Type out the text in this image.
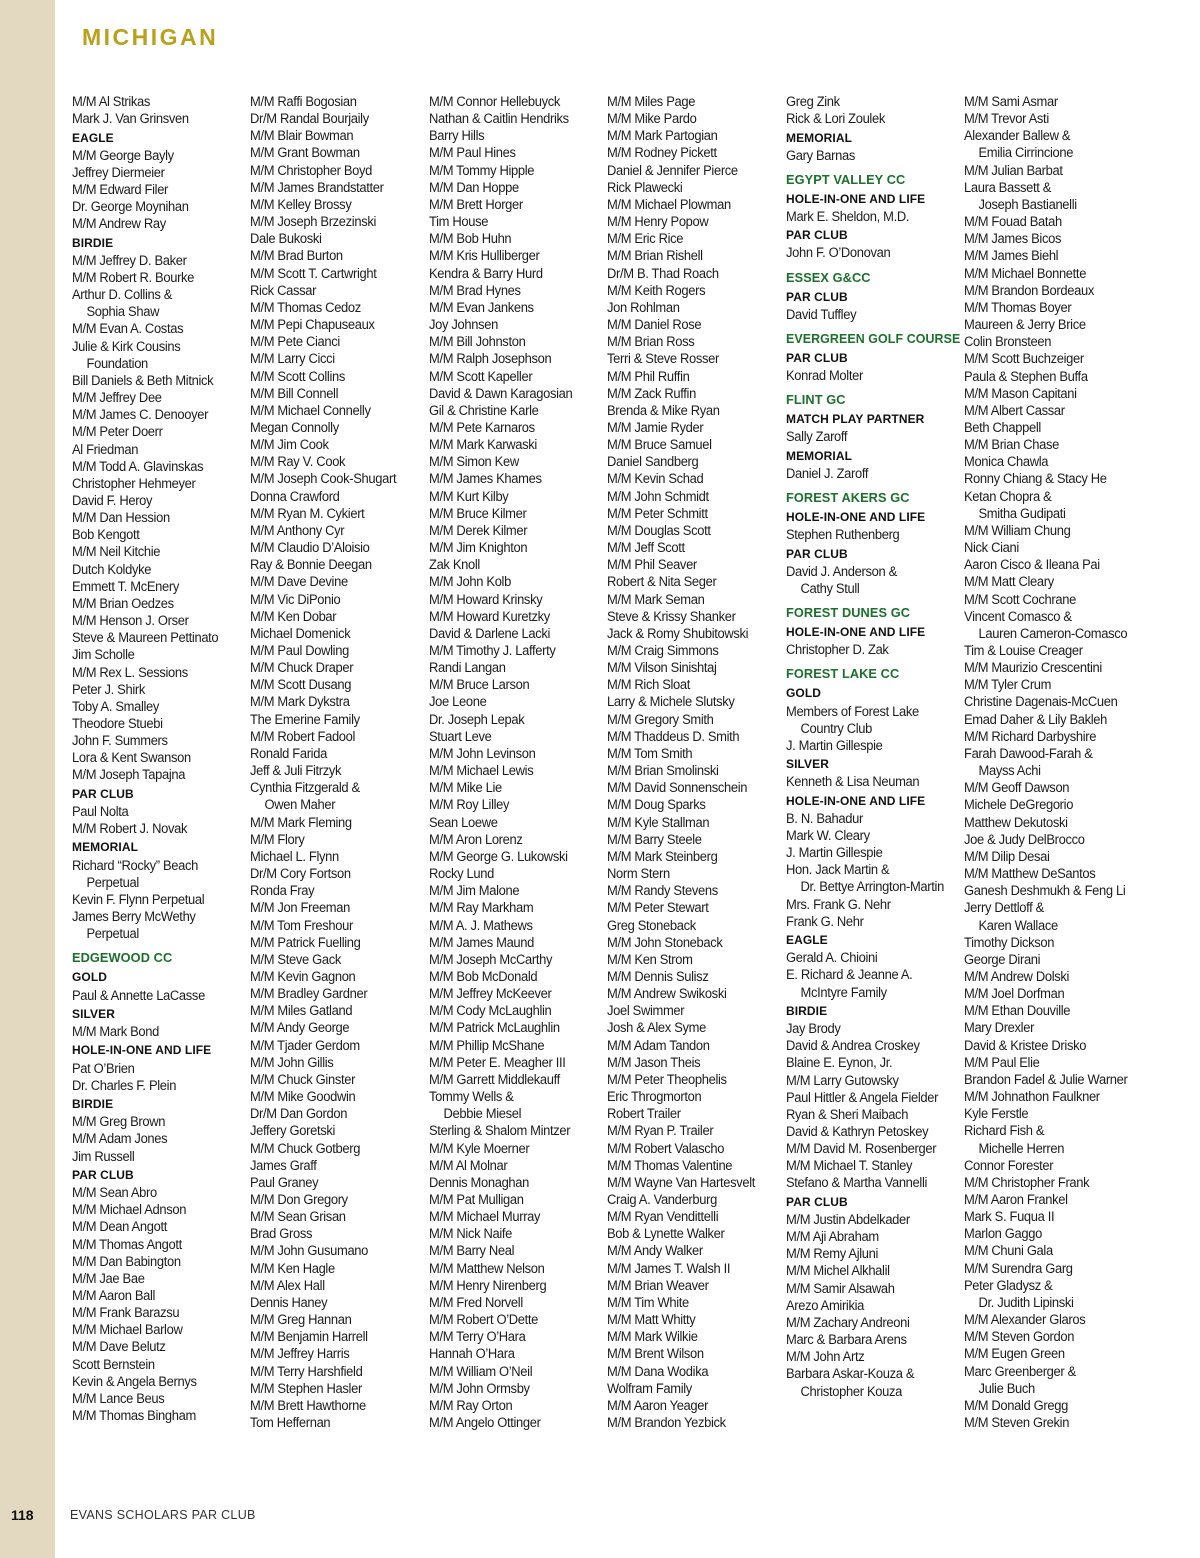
MICHIGAN
M/M Al Strikas
Mark J. Van Grinsven
EAGLE
M/M George Bayly
Jeffrey Diermeier
M/M Edward Filer
Dr. George Moynihan
M/M Andrew Ray
BIRDIE
M/M Jeffrey D. Baker
M/M Robert R. Bourke
Arthur D. Collins &
Sophia Shaw
M/M Evan A. Costas
Julie & Kirk Cousins
Foundation
Bill Daniels & Beth Mitnick
M/M Jeffrey Dee
M/M James C. Denooyer
M/M Peter Doerr
Al Friedman
M/M Todd A. Glavinskas
Christopher Hehmeyer
David F. Heroy
M/M Dan Hession
Bob Kengott
M/M Neil Kitchie
Dutch Koldyke
Emmett T. McEnery
M/M Brian Oedzes
M/M Henson J. Orser
Steve & Maureen Pettinato
Jim Scholle
M/M Rex L. Sessions
Peter J. Shirk
Toby A. Smalley
Theodore Stuebi
John F. Summers
Lora & Kent Swanson
M/M Joseph Tapajna
PAR CLUB
Paul Nolta
M/M Robert J. Novak
MEMORIAL
Richard “Rocky” Beach
Perpetual
Kevin F. Flynn Perpetual
James Berry McWethy
Perpetual
EDGEWOOD CC
GOLD
Paul & Annette LaCasse
SILVER
M/M Mark Bond
HOLE-IN-ONE AND LIFE
Pat O’Brien
Dr. Charles F. Plein
BIRDIE
M/M Greg Brown
M/M Adam Jones
Jim Russell
PAR CLUB
M/M Sean Abro
M/M Michael Adnson
M/M Dean Angott
M/M Thomas Angott
M/M Dan Babington
M/M Jae Bae
M/M Aaron Ball
M/M Frank Barazsu
M/M Michael Barlow
M/M Dave Belutz
Scott Bernstein
Kevin & Angela Bernys
M/M Lance Beus
M/M Thomas Bingham
M/M Raffi Bogosian
Dr/M Randal Bourjaily
M/M Blair Bowman
M/M Grant Bowman
M/M Christopher Boyd
M/M James Brandstatter
M/M Kelley Brossy
M/M Joseph Brzezinski
Dale Bukoski
M/M Brad Burton
M/M Scott T. Cartwright
Rick Cassar
M/M Thomas Cedoz
M/M Pepi Chapuseaux
M/M Pete Cianci
M/M Larry Cicci
M/M Scott Collins
M/M Bill Connell
M/M Michael Connelly
Megan Connolly
M/M Jim Cook
M/M Ray V. Cook
M/M Joseph Cook-Shugart
Donna Crawford
M/M Ryan M. Cykiert
M/M Anthony Cyr
M/M Claudio D’Aloisio
Ray & Bonnie Deegan
M/M Dave Devine
M/M Vic DiPonio
M/M Ken Dobar
Michael Domenick
M/M Paul Dowling
M/M Chuck Draper
M/M Scott Dusang
M/M Mark Dykstra
The Emerine Family
M/M Robert Fadool
Ronald Farida
Jeff & Juli Fitrzyk
Cynthia Fitzgerald &
Owen Maher
M/M Mark Fleming
M/M Flory
Michael L. Flynn
Dr/M Cory Fortson
Ronda Fray
M/M Jon Freeman
M/M Tom Freshour
M/M Patrick Fuelling
M/M Steve Gack
M/M Kevin Gagnon
M/M Bradley Gardner
M/M Miles Gatland
M/M Andy George
M/M Tjader Gerdom
M/M John Gillis
M/M Chuck Ginster
M/M Mike Goodwin
Dr/M Dan Gordon
Jeffery Goretski
M/M Chuck Gotberg
James Graff
Paul Graney
M/M Don Gregory
M/M Sean Grisan
Brad Gross
M/M John Gusumano
M/M Ken Hagle
M/M Alex Hall
Dennis Haney
M/M Greg Hannan
M/M Benjamin Harrell
M/M Jeffrey Harris
M/M Terry Harshfield
M/M Stephen Hasler
M/M Brett Hawthorne
Tom Heffernan
M/M Connor Hellebuyck
Nathan & Caitlin Hendriks
Barry Hills
M/M Paul Hines
M/M Tommy Hipple
M/M Dan Hoppe
M/M Brett Horger
Tim House
M/M Bob Huhn
M/M Kris Hulliberger
Kendra & Barry Hurd
M/M Brad Hynes
M/M Evan Jankens
Joy Johnsen
M/M Bill Johnston
M/M Ralph Josephson
M/M Scott Kapeller
David & Dawn Karagosian
Gil & Christine Karle
M/M Pete Karnaros
M/M Mark Karwaski
M/M Simon Kew
M/M James Khames
M/M Kurt Kilby
M/M Bruce Kilmer
M/M Derek Kilmer
M/M Jim Knighton
Zak Knoll
M/M John Kolb
M/M Howard Krinsky
M/M Howard Kuretzky
David & Darlene Lacki
M/M Timothy J. Lafferty
Randi Langan
M/M Bruce Larson
Joe Leone
Dr. Joseph Lepak
Stuart Leve
M/M John Levinson
M/M Michael Lewis
M/M Mike Lie
M/M Roy Lilley
Sean Loewe
M/M Aron Lorenz
M/M George G. Lukowski
Rocky Lund
M/M Jim Malone
M/M Ray Markham
M/M A. J. Mathews
M/M James Maund
M/M Joseph McCarthy
M/M Bob McDonald
M/M Jeffrey McKeever
M/M Cody McLaughlin
M/M Patrick McLaughlin
M/M Phillip McShane
M/M Peter E. Meagher III
M/M Garrett Middlekauff
Tommy Wells &
Debbie Miesel
Sterling & Shalom Mintzer
M/M Kyle Moerner
M/M Al Molnar
Dennis Monaghan
M/M Pat Mulligan
M/M Michael Murray
M/M Nick Naife
M/M Barry Neal
M/M Matthew Nelson
M/M Henry Nirenberg
M/M Fred Norvell
M/M Robert O’Dette
M/M Terry O’Hara
Hannah O’Hara
M/M William O’Neil
M/M John Ormsby
M/M Ray Orton
M/M Angelo Ottinger
M/M Miles Page
M/M Mike Pardo
M/M Mark Partogian
M/M Rodney Pickett
Daniel & Jennifer Pierce
Rick Plawecki
M/M Michael Plowman
M/M Henry Popow
M/M Eric Rice
M/M Brian Rishell
Dr/M B. Thad Roach
M/M Keith Rogers
Jon Rohlman
M/M Daniel Rose
M/M Brian Ross
Terri & Steve Rosser
M/M Phil Ruffin
M/M Zack Ruffin
Brenda & Mike Ryan
M/M Jamie Ryder
M/M Bruce Samuel
Daniel Sandberg
M/M Kevin Schad
M/M John Schmidt
M/M Peter Schmitt
M/M Douglas Scott
M/M Jeff Scott
M/M Phil Seaver
Robert & Nita Seger
M/M Mark Seman
Steve & Krissy Shanker
Jack & Romy Shubitowski
M/M Craig Simmons
M/M Vilson Sinishtaj
M/M Rich Sloat
Larry & Michele Slutsky
M/M Gregory Smith
M/M Thaddeus D. Smith
M/M Tom Smith
M/M Brian Smolinski
M/M David Sonnenschein
M/M Doug Sparks
M/M Kyle Stallman
M/M Barry Steele
M/M Mark Steinberg
Norm Stern
M/M Randy Stevens
M/M Peter Stewart
Greg Stoneback
M/M John Stoneback
M/M Ken Strom
M/M Dennis Sulisz
M/M Andrew Swikoski
Joel Swimmer
Josh & Alex Syme
M/M Adam Tandon
M/M Jason Theis
M/M Peter Theophelis
Eric Throgmorton
Robert Trailer
M/M Ryan P. Trailer
M/M Robert Valascho
M/M Thomas Valentine
M/M Wayne Van Hartesvelt
Craig A. Vanderburg
M/M Ryan Vendittelli
Bob & Lynette Walker
M/M Andy Walker
M/M James T. Walsh II
M/M Brian Weaver
M/M Tim White
M/M Matt Whitty
M/M Mark Wilkie
M/M Brent Wilson
M/M Dana Wodika
Wolfram Family
M/M Aaron Yeager
M/M Brandon Yezbick
Greg Zink
Rick & Lori Zoulek
MEMORIAL
Gary Barnas
EGYPT VALLEY CC
HOLE-IN-ONE AND LIFE
Mark E. Sheldon, M.D.
PAR CLUB
John F. O’Donovan
ESSEX G&CC
PAR CLUB
David Tuffley
EVERGREEN GOLF COURSE
PAR CLUB
Konrad Molter
FLINT GC
MATCH PLAY PARTNER
Sally Zaroff
MEMORIAL
Daniel J. Zaroff
FOREST AKERS GC
HOLE-IN-ONE AND LIFE
Stephen Ruthenberg
PAR CLUB
David J. Anderson &
Cathy Stull
FOREST DUNES GC
HOLE-IN-ONE AND LIFE
Christopher D. Zak
FOREST LAKE CC
GOLD
Members of Forest Lake
Country Club
J. Martin Gillespie
SILVER
Kenneth & Lisa Neuman
HOLE-IN-ONE AND LIFE
B. N. Bahadur
Mark W. Cleary
J. Martin Gillespie
Hon. Jack Martin &
Dr. Bettye Arrington-Martin
Mrs. Frank G. Nehr
Frank G. Nehr
EAGLE
Gerald A. Chioini
E. Richard & Jeanne A.
McIntyre Family
BIRDIE
Jay Brody
David & Andrea Croskey
Blaine E. Eynon, Jr.
M/M Larry Gutowsky
Paul Hittler & Angela Fielder
Ryan & Sheri Maibach
David & Kathryn Petoskey
M/M David M. Rosenberger
M/M Michael T. Stanley
Stefano & Martha Vannelli
PAR CLUB
M/M Justin Abdelkader
M/M Aji Abraham
M/M Remy Ajluni
M/M Michel Alkhalil
M/M Samir Alsawah
Arezo Amirikia
M/M Zachary Andreoni
Marc & Barbara Arens
M/M John Artz
Barbara Askar-Kouza &
Christopher Kouza
M/M Sami Asmar
M/M Trevor Asti
Alexander Ballew &
Emilia Cirrincione
M/M Julian Barbat
Laura Bassett &
Joseph Bastianelli
M/M Fouad Batah
M/M James Bicos
M/M James Biehl
M/M Michael Bonnette
M/M Brandon Bordeaux
M/M Thomas Boyer
Maureen & Jerry Brice
Colin Bronsteen
M/M Scott Buchzeiger
Paula & Stephen Buffa
M/M Mason Capitani
M/M Albert Cassar
Beth Chappell
M/M Brian Chase
Monica Chawla
Ronny Chiang & Stacy He
Ketan Chopra &
Smitha Gudipati
M/M William Chung
Nick Ciani
Aaron Cisco & Ileana Pai
M/M Matt Cleary
M/M Scott Cochrane
Vincent Comasco &
Lauren Cameron-Comasco
Tim & Louise Creager
M/M Maurizio Crescentini
M/M Tyler Crum
Christine Dagenais-McCuen
Emad Daher & Lily Bakleh
M/M Richard Darbyshire
Farah Dawood-Farah &
Mayss Achi
M/M Geoff Dawson
Michele DeGregorio
Matthew Dekutoski
Joe & Judy DelBrocco
M/M Dilip Desai
M/M Matthew DeSantos
Ganesh Deshmukh & Feng Li
Jerry Dettloff &
Karen Wallace
Timothy Dickson
George Dirani
M/M Andrew Dolski
M/M Joel Dorfman
M/M Ethan Douville
Mary Drexler
David & Kristee Drisko
M/M Paul Elie
Brandon Fadel & Julie Warner
M/M Johnathon Faulkner
Kyle Ferstle
Richard Fish &
Michelle Herren
Connor Forester
M/M Christopher Frank
M/M Aaron Frankel
Mark S. Fuqua II
Marlon Gaggo
M/M Chuni Gala
M/M Surendra Garg
Peter Gladysz &
Dr. Judith Lipinski
M/M Alexander Glaros
M/M Steven Gordon
M/M Eugen Green
Marc Greenberger &
Julie Buch
M/M Donald Gregg
M/M Steven Grekin
118	EVANS SCHOLARS PAR CLUB
